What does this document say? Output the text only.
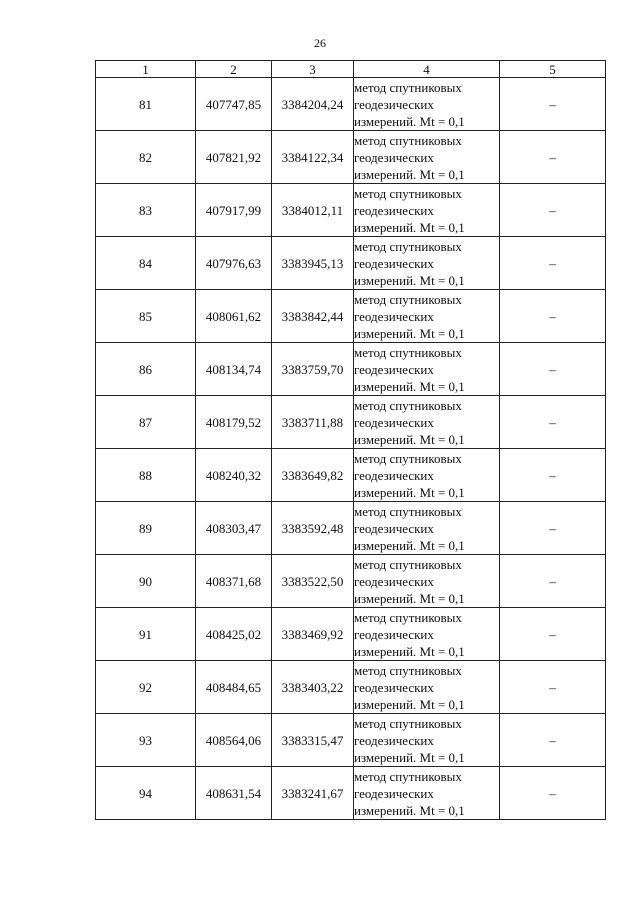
26
1	2	3	4	5
81	407747,85	3384204,24	метод спутниковых
геодезических
измерений. Mt = 0,1	–
82	407821,92	3384122,34	метод спутниковых
геодезических
измерений. Mt = 0,1	–
83	407917,99	3384012,11	метод спутниковых
геодезических
измерений. Mt = 0,1	–
84	407976,63	3383945,13	метод спутниковых
геодезических
измерений. Mt = 0,1	–
85	408061,62	3383842,44	метод спутниковых
геодезических
измерений. Mt = 0,1	–
86	408134,74	3383759,70	метод спутниковых
геодезических
измерений. Mt = 0,1	–
87	408179,52	3383711,88	метод спутниковых
геодезических
измерений. Mt = 0,1	–
88	408240,32	3383649,82	метод спутниковых
геодезических
измерений. Mt = 0,1	–
89	408303,47	3383592,48	метод спутниковых
геодезических
измерений. Mt = 0,1	–
90	408371,68	3383522,50	метод спутниковых
геодезических
измерений. Mt = 0,1	–
91	408425,02	3383469,92	метод спутниковых
геодезических
измерений. Mt = 0,1	–
92	408484,65	3383403,22	метод спутниковых
геодезических
измерений. Mt = 0,1	–
93	408564,06	3383315,47	метод спутниковых
геодезических
измерений. Mt = 0,1	–
94	408631,54	3383241,67	метод спутниковых
геодезических
измерений. Mt = 0,1	–
